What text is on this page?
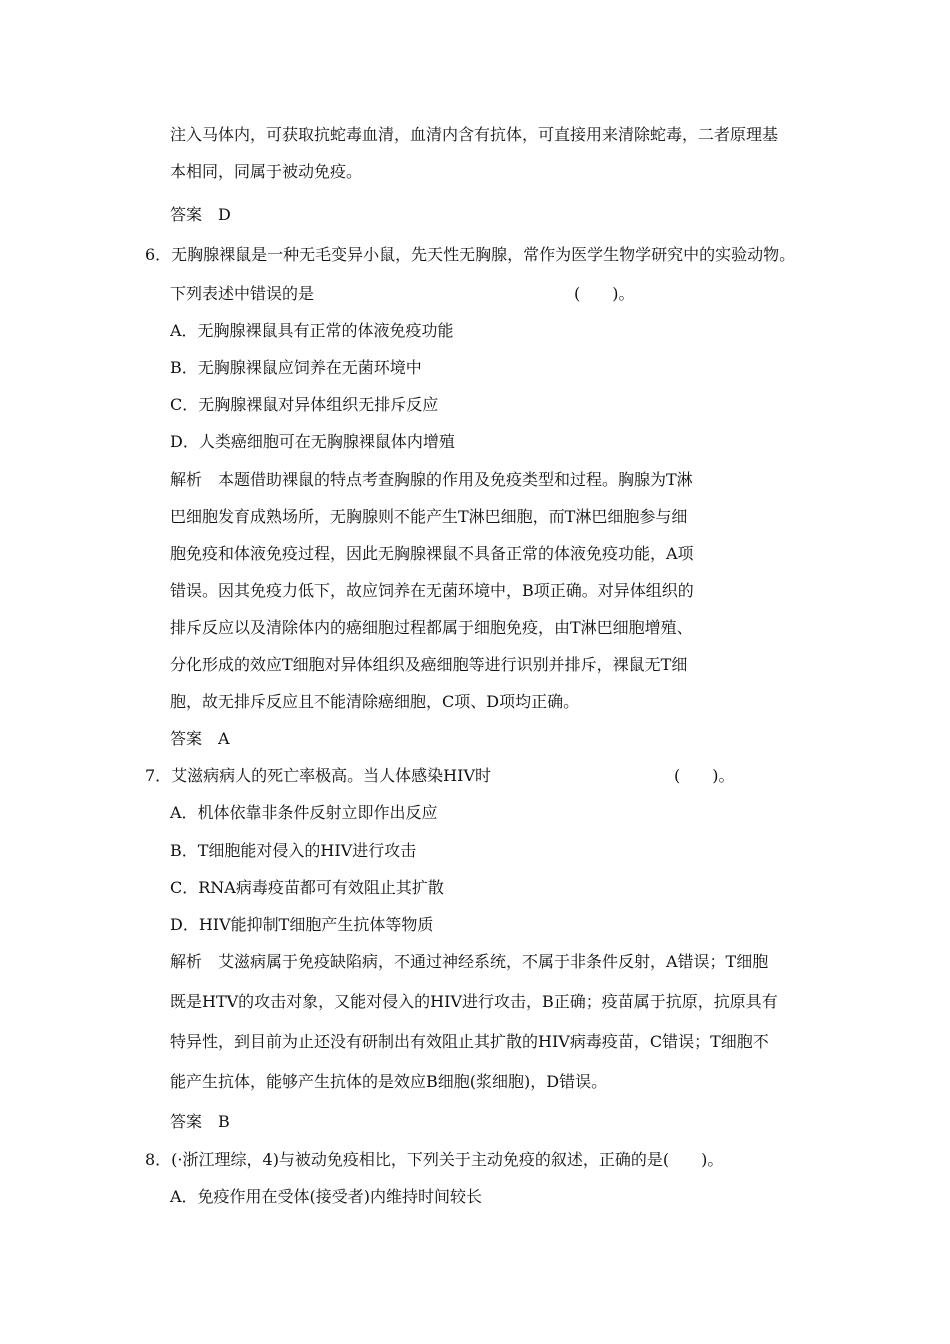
注入马体内，可获取抗蛇毒血清，血清内含有抗体，可直接用来清除蛇毒，二者原理基
本相同，同属于被动免疫。
答案　D
6．无胸腺裸鼠是一种无毛变异小鼠，先天性无胸腺，常作为医学生物学研究中的实验动物。
下列表述中错误的是	(　　)。
A．无胸腺裸鼠具有正常的体液免疫功能
B．无胸腺裸鼠应饲养在无菌环境中
C．无胸腺裸鼠对异体组织无排斥反应
D．人类癌细胞可在无胸腺裸鼠体内增殖
解析　本题借助裸鼠的特点考查胸腺的作用及免疫类型和过程。胸腺为T淋
巴细胞发育成熟场所，无胸腺则不能产生T淋巴细胞，而T淋巴细胞参与细
胞免疫和体液免疫过程，因此无胸腺裸鼠不具备正常的体液免疫功能，A项
错误。因其免疫力低下，故应饲养在无菌环境中，B项正确。对异体组织的
排斥反应以及清除体内的癌细胞过程都属于细胞免疫，由T淋巴细胞增殖、
分化形成的效应T细胞对异体组织及癌细胞等进行识别并排斥，裸鼠无T细
胞，故无排斥反应且不能清除癌细胞，C项、D项均正确。
答案　A
7．艾滋病病人的死亡率极高。当人体感染HIV时	(　　)。
A．机体依靠非条件反射立即作出反应
B．T细胞能对侵入的HIV进行攻击
C．RNA病毒疫苗都可有效阻止其扩散
D．HIV能抑制T细胞产生抗体等物质
解析　艾滋病属于免疫缺陷病，不通过神经系统，不属于非条件反射，A错误；T细胞
既是HTV的攻击对象，又能对侵入的HIV进行攻击，B正确；疫苗属于抗原，抗原具有
特异性，到目前为止还没有研制出有效阻止其扩散的HIV病毒疫苗，C错误；T细胞不
能产生抗体，能够产生抗体的是效应B细胞(浆细胞)，D错误。
答案　B
8．(·浙江理综，4)与被动免疫相比，下列关于主动免疫的叙述，正确的是(　　)。
A．免疫作用在受体(接受者)内维持时间较长
